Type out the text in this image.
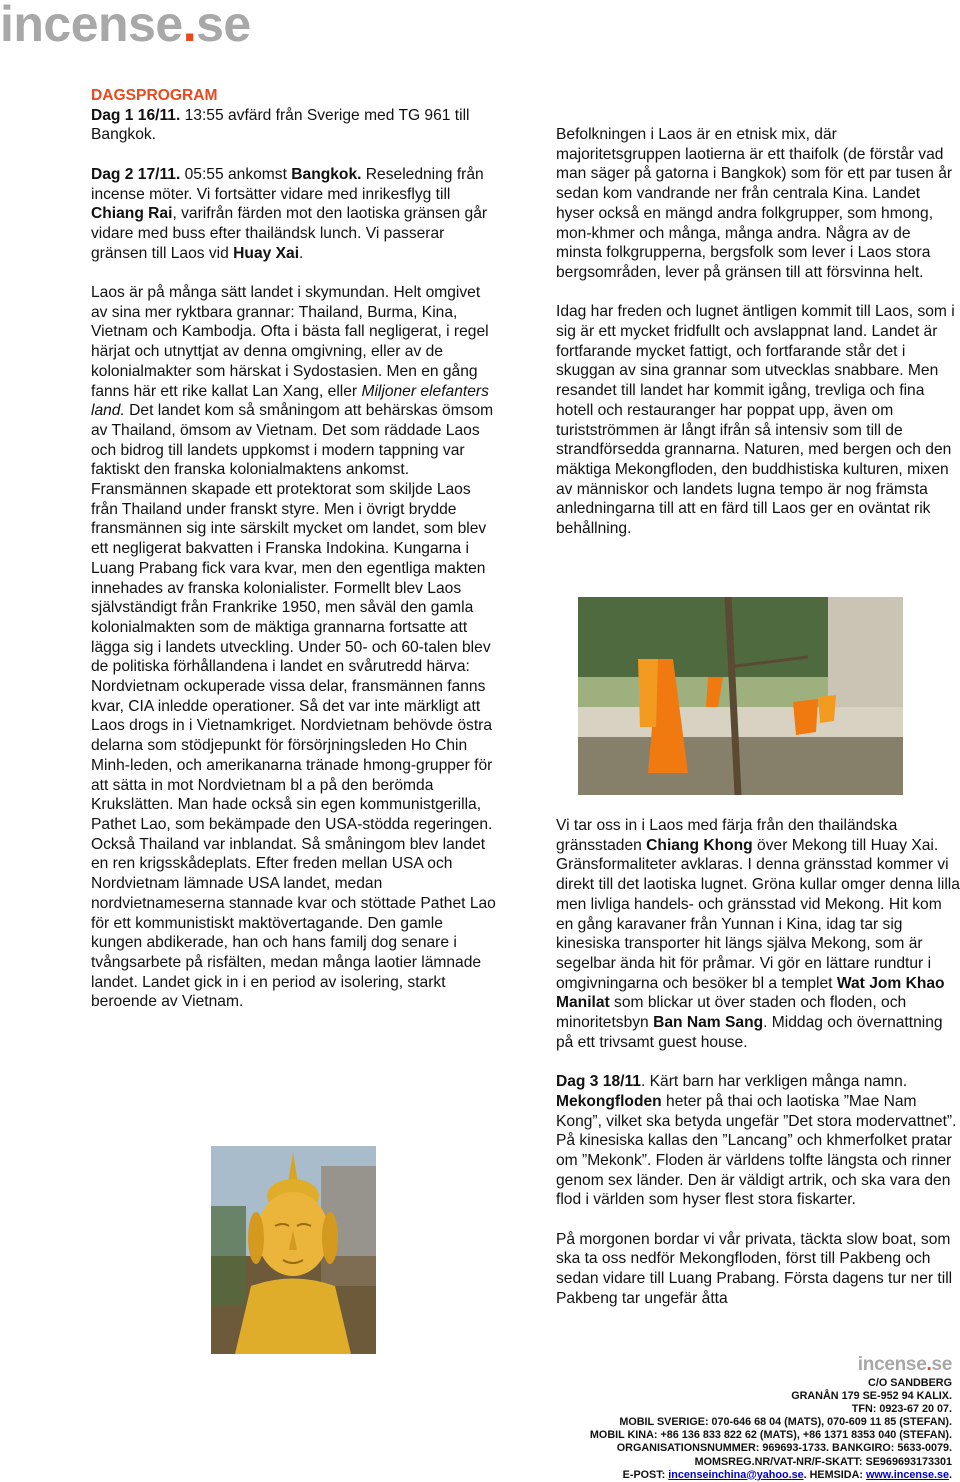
incense.se

DAGSPROGRAM
Dag 1 16/11. 13:55 avfärd från Sverige med TG 961 till Bangkok.

Dag 2 17/11. 05:55 ankomst Bangkok. Reseledning från incense möter. Vi fortsätter vidare med inrikesflyg till Chiang Rai, varifrån färden mot den laotiska gränsen går vidare med buss efter thailändsk lunch. Vi passerar gränsen till Laos vid Huay Xai.

Laos är på många sätt landet i skymundan. Helt omgivet av sina mer ryktbara grannar: Thailand, Burma, Kina, Vietnam och Kambodja. Ofta i bästa fall negligerat, i regel härjat och utnyttjat av denna omgivning, eller av de kolonialmakter som härskat i Sydostasien. Men en gång fanns här ett rike kallat Lan Xang, eller Miljoner elefanters land. Det landet kom så småningom att behärskas ömsom av Thailand, ömsom av Vietnam. Det som räddade Laos och bidrog till landets uppkomst i modern tappning var faktiskt den franska kolonialmaktens ankomst. Fransmännen skapade ett protektorat som skiljde Laos från Thailand under franskt styre. Men i övrigt brydde fransmännen sig inte särskilt mycket om landet, som blev ett negligerat bakvatten i Franska Indokina. Kungarna i Luang Prabang fick vara kvar, men den egentliga makten innehades av franska kolonialister. Formellt blev Laos självständigt från Frankrike 1950, men såväl den gamla kolonialmakten som de mäktiga grannarna fortsatte att lägga sig i landets utveckling. Under 50- och 60-talen blev de politiska förhållandena i landet en svårutredd härva: Nordvietnam ockuperade vissa delar, fransmännen fanns kvar, CIA inledde operationer. Så det var inte märkligt att Laos drogs in i Vietnamkriget. Nordvietnam behövde östra delarna som stödjepunkt för försörjningsleden Ho Chin Minh-leden, och amerikanarna tränade hmong-grupper för att sätta in mot Nordvietnam bl a på den berömda Krukslätten. Man hade också sin egen kommunistgerilla, Pathet Lao, som bekämpade den USA-stödda regeringen. Också Thailand var inblandat. Så småningom blev landet en ren krigsskådeplats. Efter freden mellan USA och Nordvietnam lämnade USA landet, medan nordvietnameserna stannade kvar och stöttade Pathet Lao för ett kommunistiskt maktövertagande. Den gamle kungen abdikerade, han och hans familj dog senare i tvångsarbete på risfälten, medan många laotier lämnade landet. Landet gick in i en period av isolering, starkt beroende av Vietnam.

Befolkningen i Laos är en etnisk mix, där majoritetsgruppen laotierna är ett thaifolk (de förstår vad man säger på gatorna i Bangkok) som för ett par tusen år sedan kom vandrande ner från centrala Kina. Landet hyser också en mängd andra folkgrupper, som hmong, mon-khmer och många, många andra. Några av de minsta folkgrupperna, bergsfolk som lever i Laos stora bergsområden, lever på gränsen till att försvinna helt.

Idag har freden och lugnet äntligen kommit till Laos, som i sig är ett mycket fridfullt och avslappnat land. Landet är fortfarande mycket fattigt, och fortfarande står det i skuggan av sina grannar som utvecklas snabbare. Men resandet till landet har kommit igång, trevliga och fina hotell och restauranger har poppat upp, även om turistströmmen är långt ifrån så intensiv som till de strandförsedda grannarna. Naturen, med bergen och den mäktiga Mekongfloden, den buddhistiska kulturen, mixen av människor och landets lugna tempo är nog främsta anledningarna till att en färd till Laos ger en oväntat rik behållning.

Vi tar oss in i Laos med färja från den thailändska gränsstaden Chiang Khong över Mekong till Huay Xai. Gränsformaliteter avklaras. I denna gränsstad kommer vi direkt till det laotiska lugnet. Gröna kullar omger denna lilla men livliga handels- och gränsstad vid Mekong. Hit kom en gång karavaner från Yunnan i Kina, idag tar sig kinesiska transporter hit längs själva Mekong, som är segelbar ända hit för pråmar. Vi gör en lättare rundtur i omgivningarna och besöker bl a templet Wat Jom Khao Manilat som blickar ut över staden och floden, och minoritetsbyn Ban Nam Sang. Middag och övernattning på ett trivsamt guest house.

Dag 3 18/11. Kärt barn har verkligen många namn. Mekongfloden heter på thai och laotiska ”Mae Nam Kong”, vilket ska betyda ungefär ”Det stora modervattnet”. På kinesiska kallas den ”Lancang” och khmerfolket pratar om ”Mekonk”. Floden är världens tolfte längsta och rinner genom sex länder. Den är väldigt artrik, och ska vara den flod i världen som hyser flest stora fiskarter.

På morgonen bordar vi vår privata, täckta slow boat, som ska ta oss nedför Mekongfloden, först till Pakbeng och sedan vidare till Luang Prabang. Första dagens tur ner till Pakbeng tar ungefär åtta

incense.se
C/O SANDBERG
GRANÅN 179 SE-952 94 KALIX.
TFN: 0923-67 20 07.
MOBIL SVERIGE: 070-646 68 04 (MATS), 070-609 11 85 (STEFAN).
MOBIL KINA: +86 136 833 822 62 (MATS), +86 1371 8353 040 (STEFAN).
ORGANISATIONSNUMMER: 969693-1733. BANKGIRO: 5633-0079.
MOMSREG.NR/VAT-NR/F-SKATT: SE969693173301
E-POST: incenseinchina@yahoo.se. HEMSIDA: www.incense.se.
